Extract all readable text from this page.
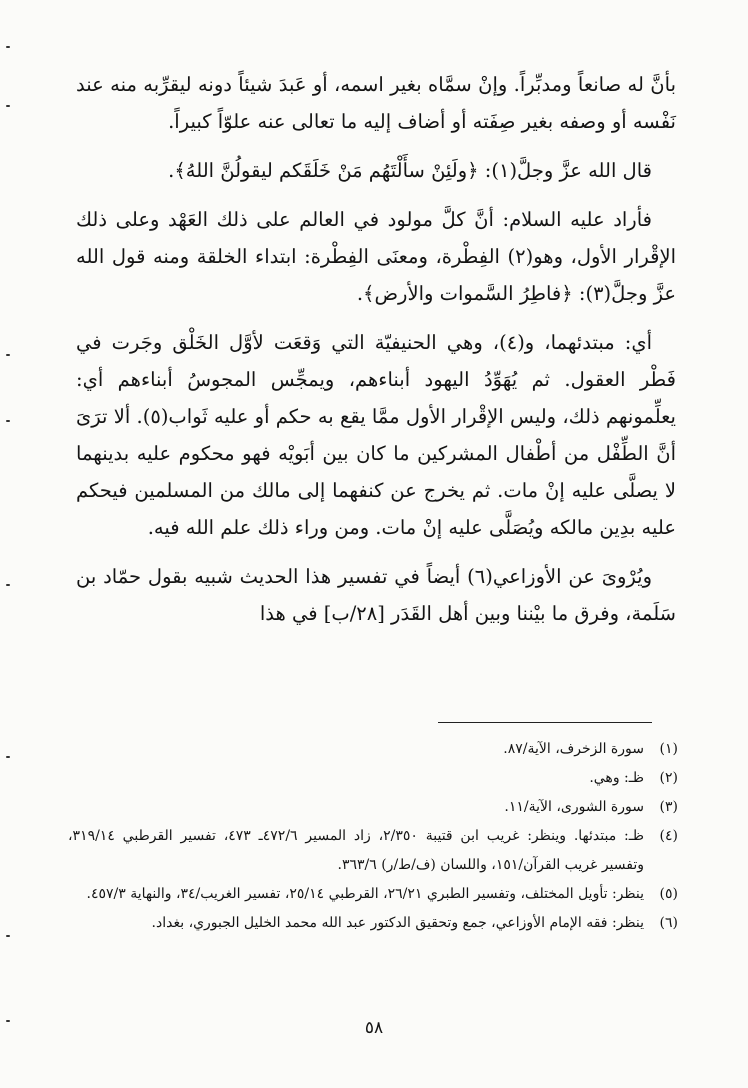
بأنَّ له صانعاً ومدبِّراً. وإنْ سمَّاه بغير اسمه، أو عَبدَ شيئاً دونه ليقرِّبه منه عند نَفْسه أو وصفه بغير صِفَته أو أضاف إليه ما تعالى عنه علوّاً كبيراً.

قال الله عزَّ وجلَّ(١): ﴿ولَئِنْ سأَلْتَهُم مَنْ خَلَقَكم ليقولُنَّ اللهُ﴾.

فأراد عليه السلام: أنَّ كلَّ مولود في العالم على ذلك العَهْد وعلى ذلك الإقْرار الأول، وهو(٢) الفِطْرة، ومعنَى الفِطْرة: ابتداء الخلقة ومنه قول الله عزَّ وجلَّ(٣): ﴿فاطِرُ السَّموات والأرض﴾.

أي: مبتدئهما، و(٤)، وهي الحنيفيّة التي وَقعَت لأوَّل الخَلْق وجَرت في فَطْر العقول. ثم يُهَوِّدُ اليهود أبناءهم، ويمجِّس المجوسُ أبناءهم أي: يعلِّمونهم ذلك، وليس الإقْرار الأول ممَّا يقع به حكم أو عليه ثَواب(٥). ألا ترَىَ أنَّ الطِّفْل من أطْفال المشركين ما كان بين أبَويْه فهو محكوم عليه بدينهما لا يصلَّى عليه إنْ مات. ثم يخرج عن كنفهما إلى مالك من المسلمين فيحكم عليه بدِين مالكه ويُصَلَّى عليه إنْ مات. ومن وراء ذلك علم الله فيه.

ويُرْوىَ عن الأوزاعي(٦) أيضاً في تفسير هذا الحديث شبيه بقول حمّاد بن سَلَمة، وفرق ما بيْننا وبين أهل القَدَر [٢٨/ب] في هذا

(١)
سورة الزخرف، الآية/٨٧.
(٢)
ظـ: وهي.
(٣)
سورة الشورى، الآية/١١.
(٤)
ظـ: مبتدئها. وينظر: غريب ابن قتيبة ٢/٣٥٠، زاد المسير ٤٧٢/٦ـ ٤٧٣، تفسير القرطبي ٣١٩/١٤، وتفسير غريب القرآن/١٥١، واللسان (ف/ط/ر) ٣٦٣/٦.
(٥)
ينظر: تأويل المختلف، وتفسير الطبري ٢٦/٢١، القرطبي ٢٥/١٤، تفسير الغريب/٣٤، والنهاية ٤٥٧/٣.
(٦)
ينظر: فقه الإمام الأوزاعي، جمع وتحقيق الدكتور عبد الله محمد الخليل الجبوري، بغداد.
٥٨
